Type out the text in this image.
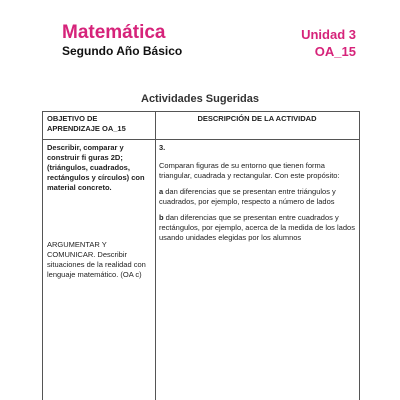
Matemática
Segundo Año Básico
Unidad 3
OA_15
Actividades Sugeridas
OBJETIVO DE APRENDIZAJE OA_15
DESCRIPCIÓN DE LA ACTIVIDAD
Describir, comparar y construir fi guras 2D; (triángulos, cuadrados, rectángulos y círculos) con material concreto.
ARGUMENTAR Y COMUNICAR. Describir situaciones de la realidad con lenguaje matemático. (OA c)

3.

Comparan figuras de su entorno que tienen forma triangular, cuadrada y rectangular. Con este propósito:

a dan diferencias que se presentan entre triángulos y cuadrados, por ejemplo, respecto a número de lados

b dan diferencias que se presentan entre cuadrados y rectángulos, por ejemplo, acerca de la medida de los lados usando unidades elegidas por los alumnos
